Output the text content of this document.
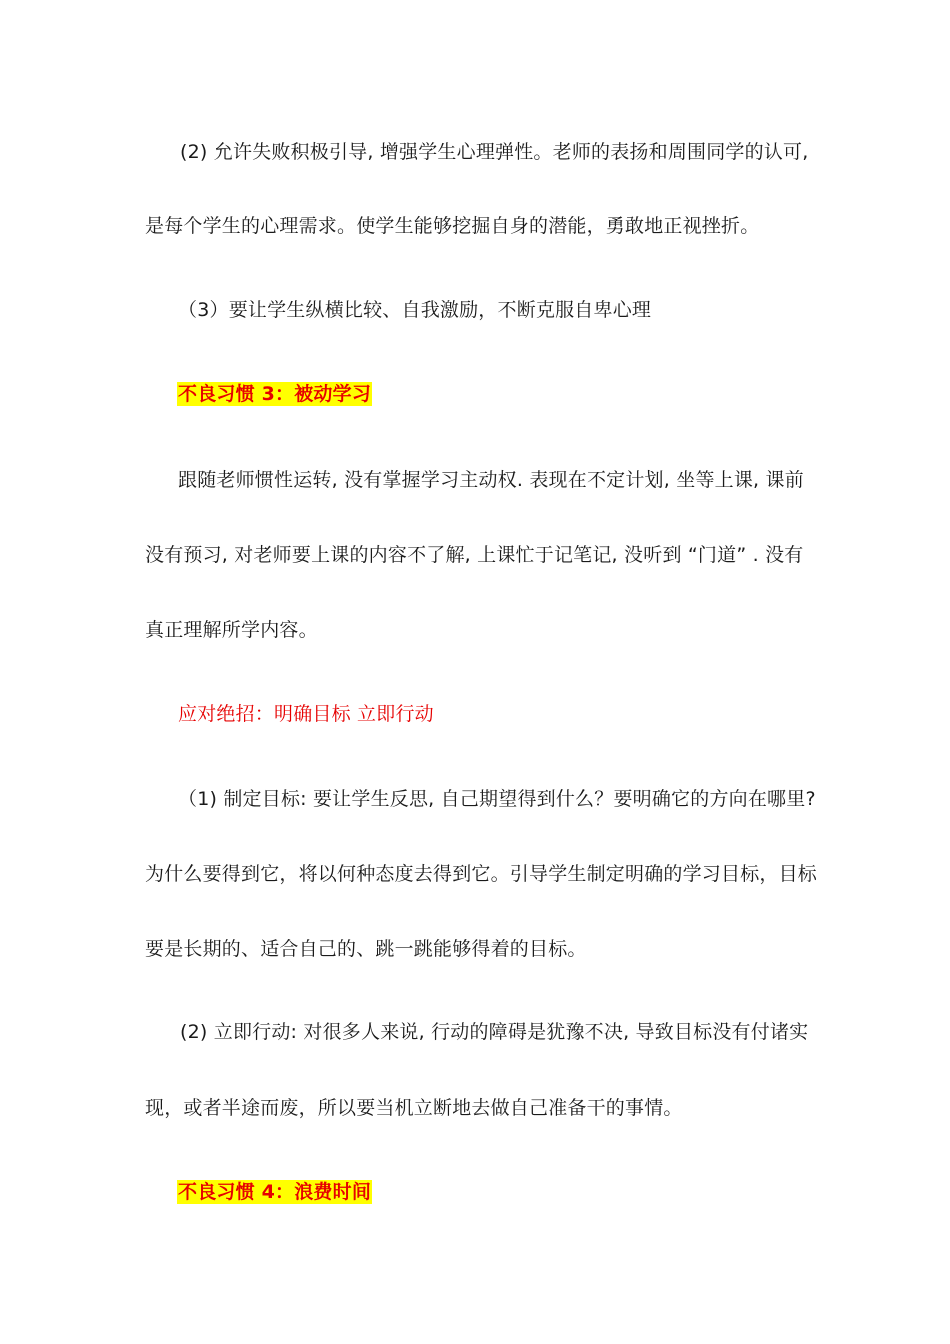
(2) 允许失败积极引导, 增强学生心理弹性。老师的表扬和周围同学的认可,
是每个学生的心理需求。使学生能够挖掘自身的潜能，勇敢地正视挫折。
（3）要让学生纵横比较、自我激励，不断克服自卑心理
不良习惯 3：被动学习
跟随老师惯性运转, 没有掌握学习主动权. 表现在不定计划, 坐等上课, 课前
没有预习, 对老师要上课的内容不了解, 上课忙于记笔记, 没听到 “门道” . 没有
真正理解所学内容。
应对绝招：明确目标 立即行动
（1) 制定目标: 要让学生反思, 自己期望得到什么？要明确它的方向在哪里?
为什么要得到它，将以何种态度去得到它。引导学生制定明确的学习目标，目标
要是长期的、适合自己的、跳一跳能够得着的目标。
(2) 立即行动: 对很多人来说, 行动的障碍是犹豫不决, 导致目标没有付诸实
现，或者半途而废，所以要当机立断地去做自己准备干的事情。
不良习惯 4：浪费时间
